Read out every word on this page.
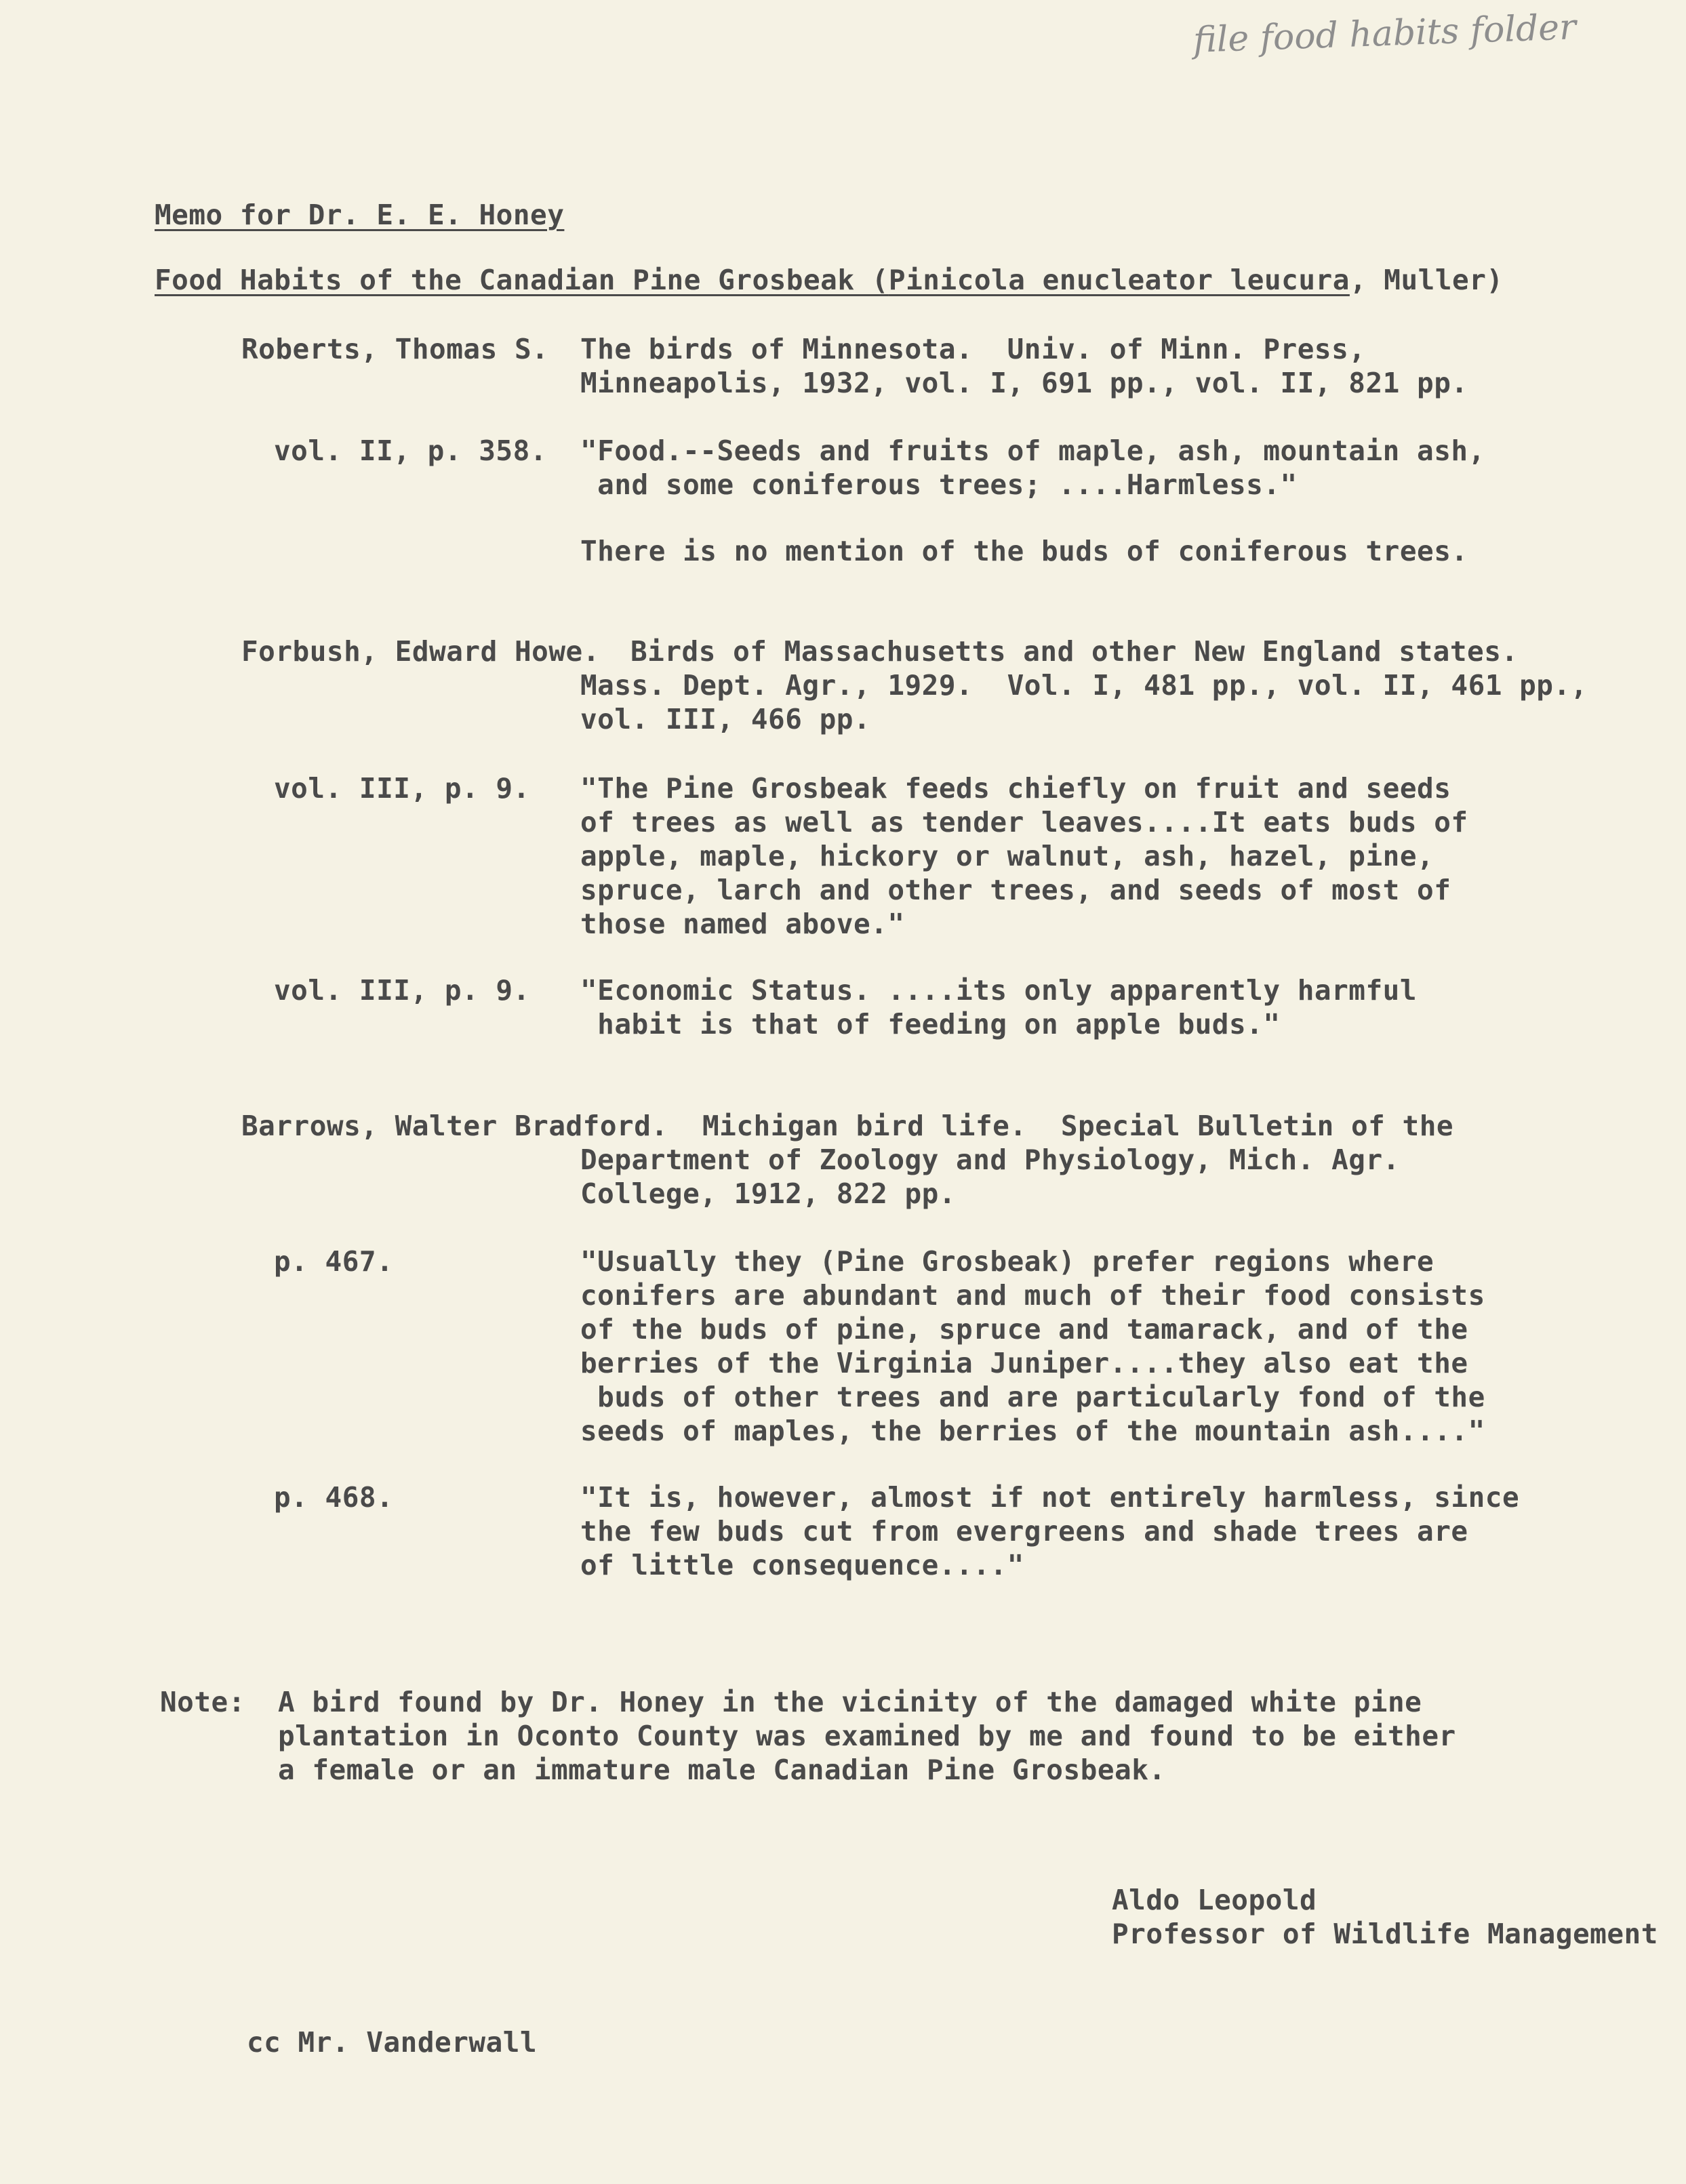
file food habits folder
Memo for Dr. E. E. Honey
Food Habits of the Canadian Pine Grosbeak (Pinicola enucleator leucura, Muller)
Roberts, Thomas S. The birds of Minnesota.  Univ. of Minn. Press,
Minneapolis, 1932, vol. I, 691 pp., vol. II, 821 pp.
vol. II, p. 358. "Food.--Seeds and fruits of maple, ash, mountain ash,
and some coniferous trees; ....Harmless."
There is no mention of the buds of coniferous trees.
Forbush, Edward Howe. Birds of Massachusetts and other New England states.
Mass. Dept. Agr., 1929.  Vol. I, 481 pp., vol. II, 461 pp.,
vol. III, 466 pp.
vol. III, p. 9. "The Pine Grosbeak feeds chiefly on fruit and seeds
of trees as well as tender leaves....It eats buds of
apple, maple, hickory or walnut, ash, hazel, pine,
spruce, larch and other trees, and seeds of most of
those named above."
vol. III, p. 9. "Economic Status. ....its only apparently harmful
habit is that of feeding on apple buds."
Barrows, Walter Bradford. Michigan bird life.  Special Bulletin of the
Department of Zoology and Physiology, Mich. Agr.
College, 1912, 822 pp.
p. 467.	"Usually they (Pine Grosbeak) prefer regions where
conifers are abundant and much of their food consists
of the buds of pine, spruce and tamarack, and of the
berries of the Virginia Juniper....they also eat the
buds of other trees and are particularly fond of the
seeds of maples, the berries of the mountain ash...."
p. 468.	"It is, however, almost if not entirely harmless, since
the few buds cut from evergreens and shade trees are
of little consequence...."
Note: A bird found by Dr. Honey in the vicinity of the damaged white pine
plantation in Oconto County was examined by me and found to be either
a female or an immature male Canadian Pine Grosbeak.
Aldo Leopold
Professor of Wildlife Management
cc Mr. Vanderwall
